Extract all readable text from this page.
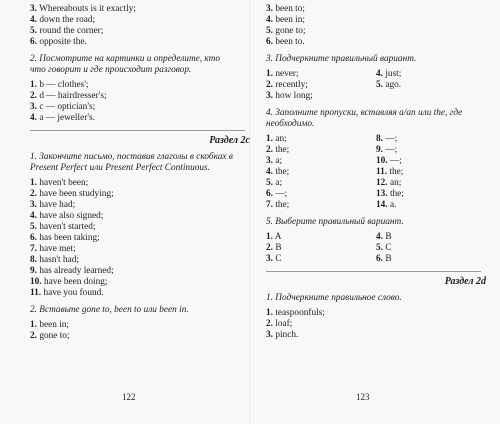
3. Whereabouts is it exactly;
4. down the road;
5. round the corner;
6. opposite the.
2. Посмотрите на картинки и определите, кто что говорит и где происходит разговор.
1. b — clothes';
2. d — hairdresser's;
3. c — optician's;
4. a — jeweller's.
Раздел 2c
1. Закончите письмо, поставив глаголы в скобках в Present Perfect или Present Perfect Continuous.
1. haven't been;
2. have been studying;
3. have had;
4. have also signed;
5. haven't started;
6. has been taking;
7. have met;
8. hasn't had;
9. has already learned;
10. have been doing;
11. have you found.
2. Вставьте gone to, been to или been in.
1. been in;
2. gone to;
122
3. been to;
4. been in;
5. gone to;
6. been to.
3. Подчеркните правильный вариант.
1. never;	4. just;
2. recently;	5. ago.
3. how long;
4. Заполните пропуски, вставляя a/an или the, где необходимо.
1. an;	8. —;
2. the;	9. —;
3. a;	10. —;
4. the;	11. the;
5. a;	12. an;
6. —;	13. the;
7. the;	14. a.
5. Выберите правильный вариант.
1. A	4. B
2. B	5. C
3. C	6. B
Раздел 2d
1. Подчеркните правильное слово.
1. teaspoonfuls;
2. loaf;
3. pinch.
123
